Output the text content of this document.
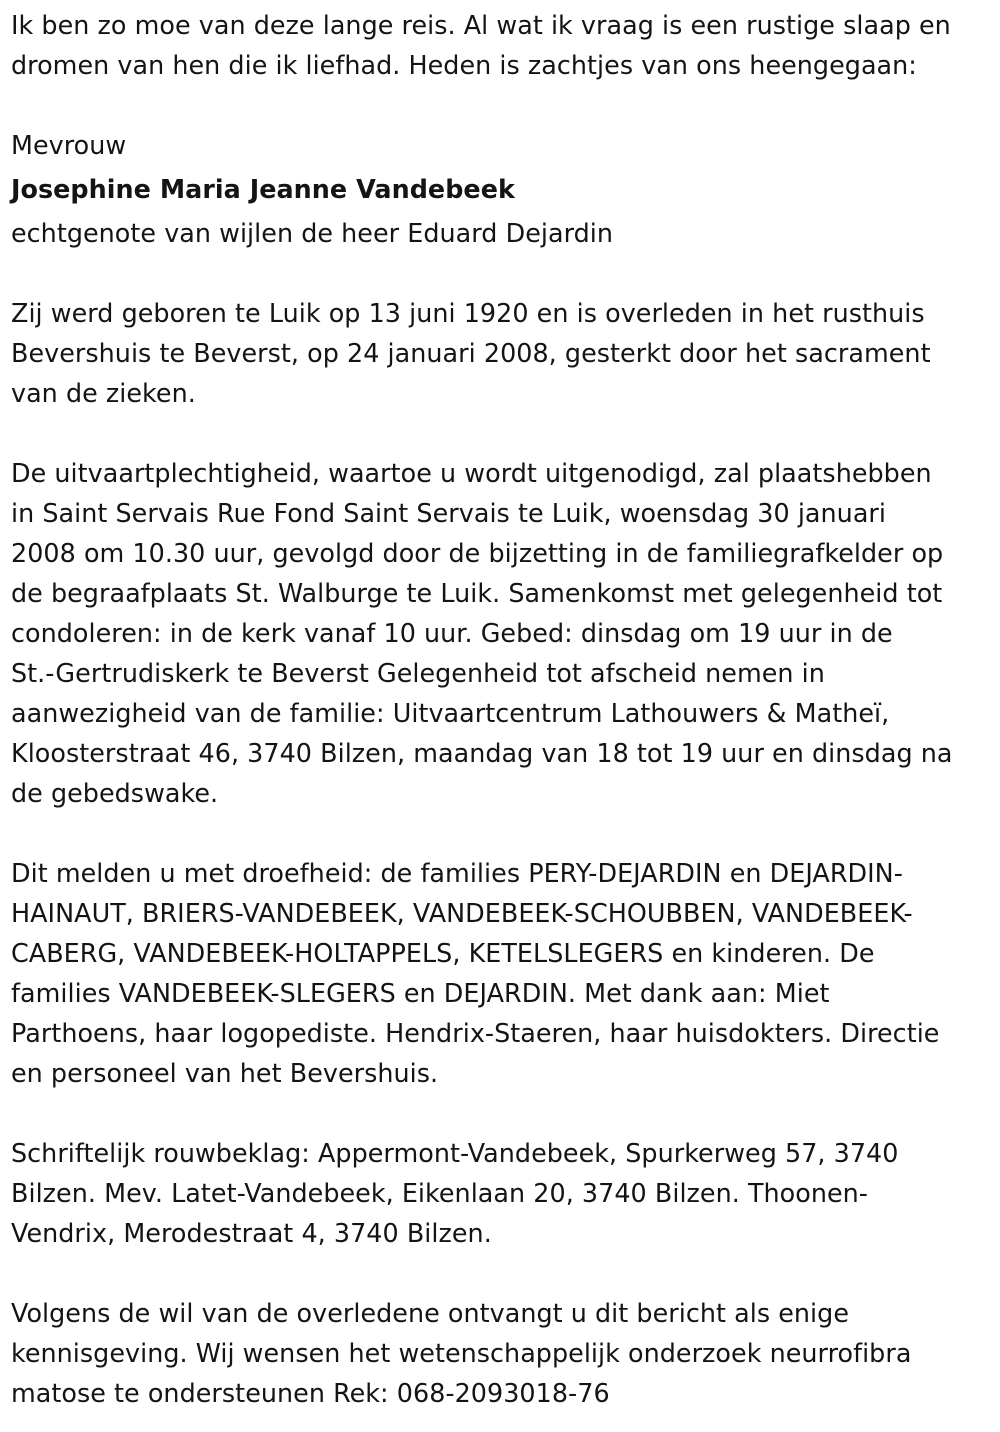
Ik ben zo moe van deze lange reis. Al wat ik vraag is een rustige slaap en
dromen van hen die ik liefhad. Heden is zachtjes van ons heengegaan:

Mevrouw

Josephine Maria Jeanne Vandebeek

echtgenote van wijlen de heer Eduard Dejardin

Zij werd geboren te Luik op 13 juni 1920 en is overleden in het rusthuis
Bevershuis te Beverst, op 24 januari 2008, gesterkt door het sacrament
van de zieken.

De uitvaartplechtigheid, waartoe u wordt uitgenodigd, zal plaatshebben
in Saint Servais Rue Fond Saint Servais te Luik, woensdag 30 januari
2008 om 10.30 uur, gevolgd door de bijzetting in de familiegrafkelder op
de begraafplaats St. Walburge te Luik. Samenkomst met gelegenheid tot
condoleren: in de kerk vanaf 10 uur. Gebed: dinsdag om 19 uur in de
St.-Gertrudiskerk te Beverst Gelegenheid tot afscheid nemen in
aanwezigheid van de familie: Uitvaartcentrum Lathouwers & Matheï,
Kloosterstraat 46, 3740 Bilzen, maandag van 18 tot 19 uur en dinsdag na
de gebedswake.

Dit melden u met droefheid: de families PERY-DEJARDIN en DEJARDIN-
HAINAUT, BRIERS-VANDEBEEK, VANDEBEEK-SCHOUBBEN, VANDEBEEK-
CABERG, VANDEBEEK-HOLTAPPELS, KETELSLEGERS en kinderen. De
families VANDEBEEK-SLEGERS en DEJARDIN. Met dank aan: Miet
Parthoens, haar logopediste. Hendrix-Staeren, haar huisdokters. Directie
en personeel van het Bevershuis.

Schriftelijk rouwbeklag: Appermont-Vandebeek, Spurkerweg 57, 3740
Bilzen. Mev. Latet-Vandebeek, Eikenlaan 20, 3740 Bilzen. Thoonen-
Vendrix, Merodestraat 4, 3740 Bilzen.

Volgens de wil van de overledene ontvangt u dit bericht als enige
kennisgeving. Wij wensen het wetenschappelijk onderzoek neurrofibra
matose te ondersteunen Rek: 068-2093018-76
